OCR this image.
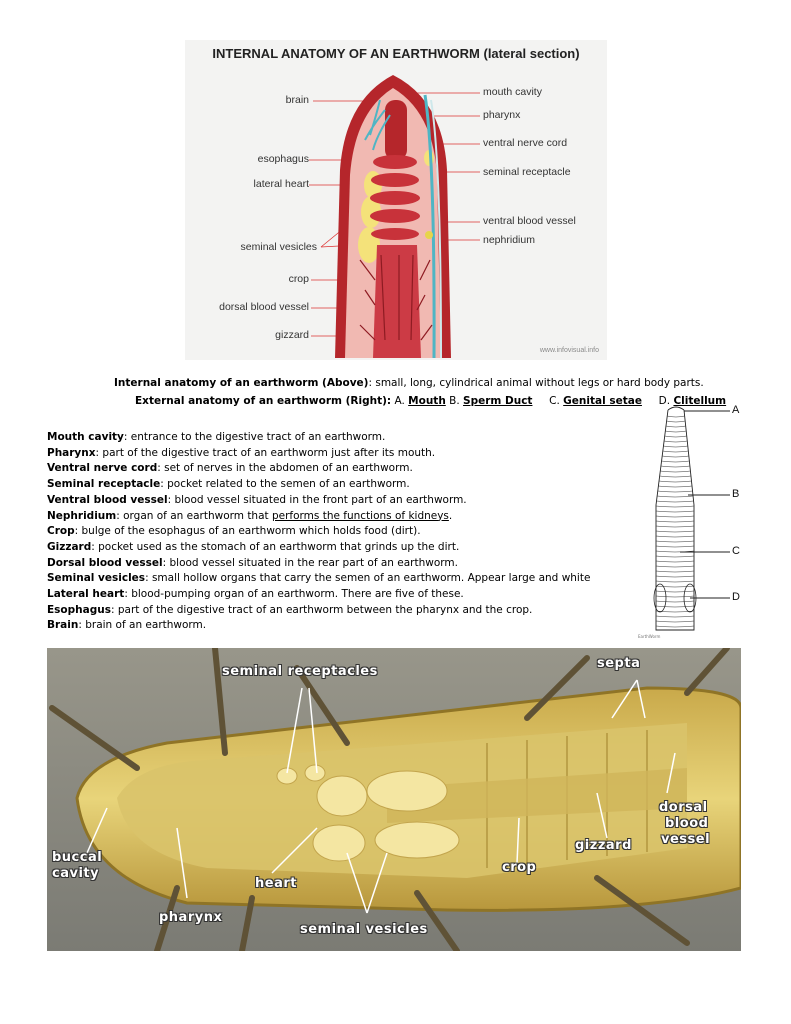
INTERNAL ANATOMY OF AN EARTHWORM (lateral section)
brain
esophagus
lateral heart
seminal vesicles
crop
dorsal blood vessel
gizzard
mouth cavity
pharynx
ventral nerve cord
seminal receptacle
ventral blood vessel
nephridium
www.infovisual.info
Internal anatomy of an earthworm (Above): small, long, cylindrical animal without legs or hard body parts.
External anatomy of an earthworm (Right): A. Mouth B. Sperm Duct C. Genital setae D. Clitellum
Mouth cavity: entrance to the digestive tract of an earthworm.
Pharynx: part of the digestive tract of an earthworm just after its mouth.
Ventral nerve cord: set of nerves in the abdomen of an earthworm.
Seminal receptacle: pocket related to the semen of an earthworm.
Ventral blood vessel: blood vessel situated in the front part of an earthworm.
Nephridium: organ of an earthworm that performs the functions of kidneys.
Crop: bulge of the esophagus of an earthworm which holds food (dirt).
Gizzard: pocket used as the stomach of an earthworm that grinds up the dirt.
Dorsal blood vessel: blood vessel situated in the rear part of an earthworm.
Seminal vesicles: small hollow organs that carry the semen of an earthworm. Appear large and white
Lateral heart: blood-pumping organ of an earthworm. There are five of these.
Esophagus: part of the digestive tract of an earthworm between the pharynx and the crop.
Brain: brain of an earthworm.
A
B
C
D
EarthWorm
seminal receptacles
septa
dorsal
blood
vessel
buccal
cavity
gizzard
crop
heart
pharynx
seminal vesicles
